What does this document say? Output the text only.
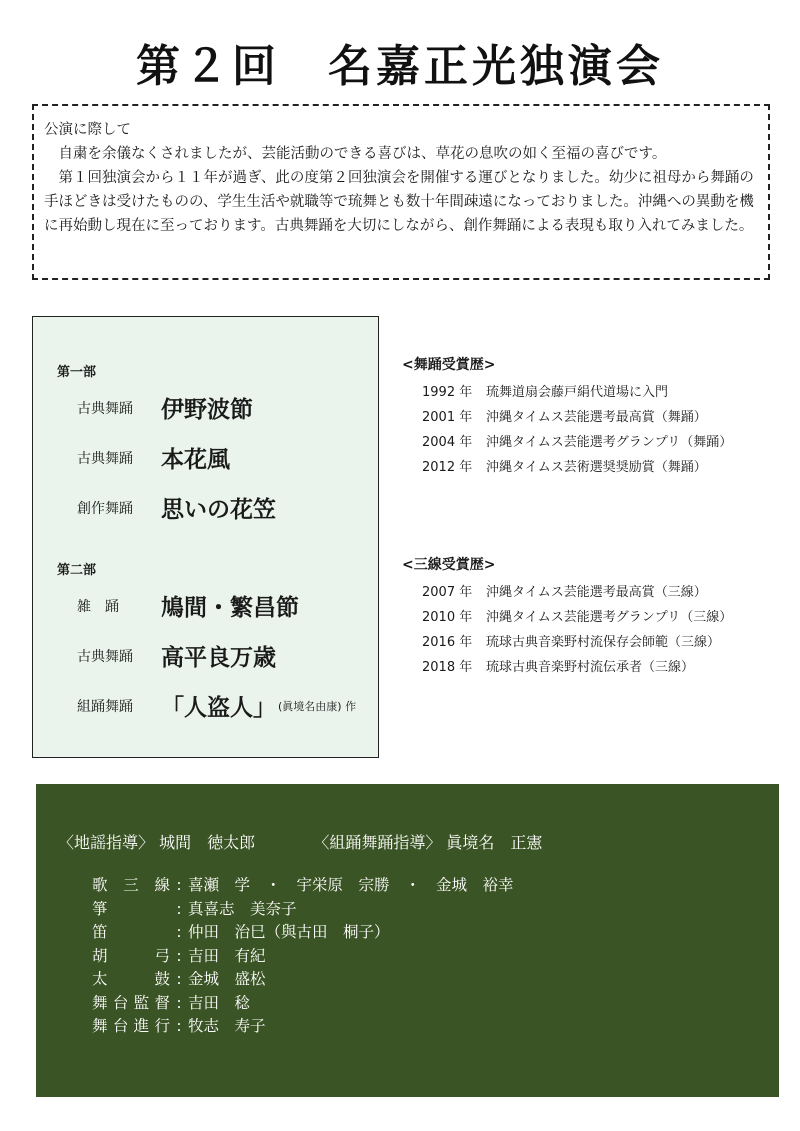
第２回　名嘉正光独演会
公演に際して

自粛を余儀なくされましたが、芸能活動のできる喜びは、草花の息吹の如く至福の喜びです。

第１回独演会から１１年が過ぎ、此の度第２回独演会を開催する運びとなりました。幼少に祖母から舞踊の手ほどきは受けたものの、学生生活や就職等で琉舞とも数十年間疎遠になっておりました。沖縄への異動を機に再始動し現在に至っております。古典舞踊を大切にしながら、創作舞踊による表現も取り入れてみました。

第一部
古典舞踊 伊野波節
古典舞踊 本花風
創作舞踊 思いの花笠
第二部
雑　踊 鳩間・繁昌節
古典舞踊 高平良万歳
組踊舞踊 「人盗人」 (眞境名由康) 作
<舞踊受賞歴>
1992 年 琉舞道扇会藤戸絹代道場に入門
2001 年 沖縄タイムス芸能選考最高賞（舞踊）
2004 年 沖縄タイムス芸能選考グランプリ（舞踊）
2012 年 沖縄タイムス芸術選奨奨励賞（舞踊）
<三線受賞歴>
2007 年 沖縄タイムス芸能選考最高賞（三線）
2010 年 沖縄タイムス芸能選考グランプリ（三線）
2016 年 琉球古典音楽野村流保存会師範（三線）
2018 年 琉球古典音楽野村流伝承者（三線）
〈地謡指導〉 城間　徳太郎	〈組踊舞踊指導〉 眞境名　正憲
歌三線 : 喜瀬　学　・　宇栄原　宗勝　・　金城　裕幸
箏	: 真喜志　美奈子
笛	: 仲田　治巳（與古田　桐子）
胡弓 : 吉田　有紀
太鼓 : 金城　盛松
舞台監督 : 吉田　稔
舞台進行 : 牧志　寿子
